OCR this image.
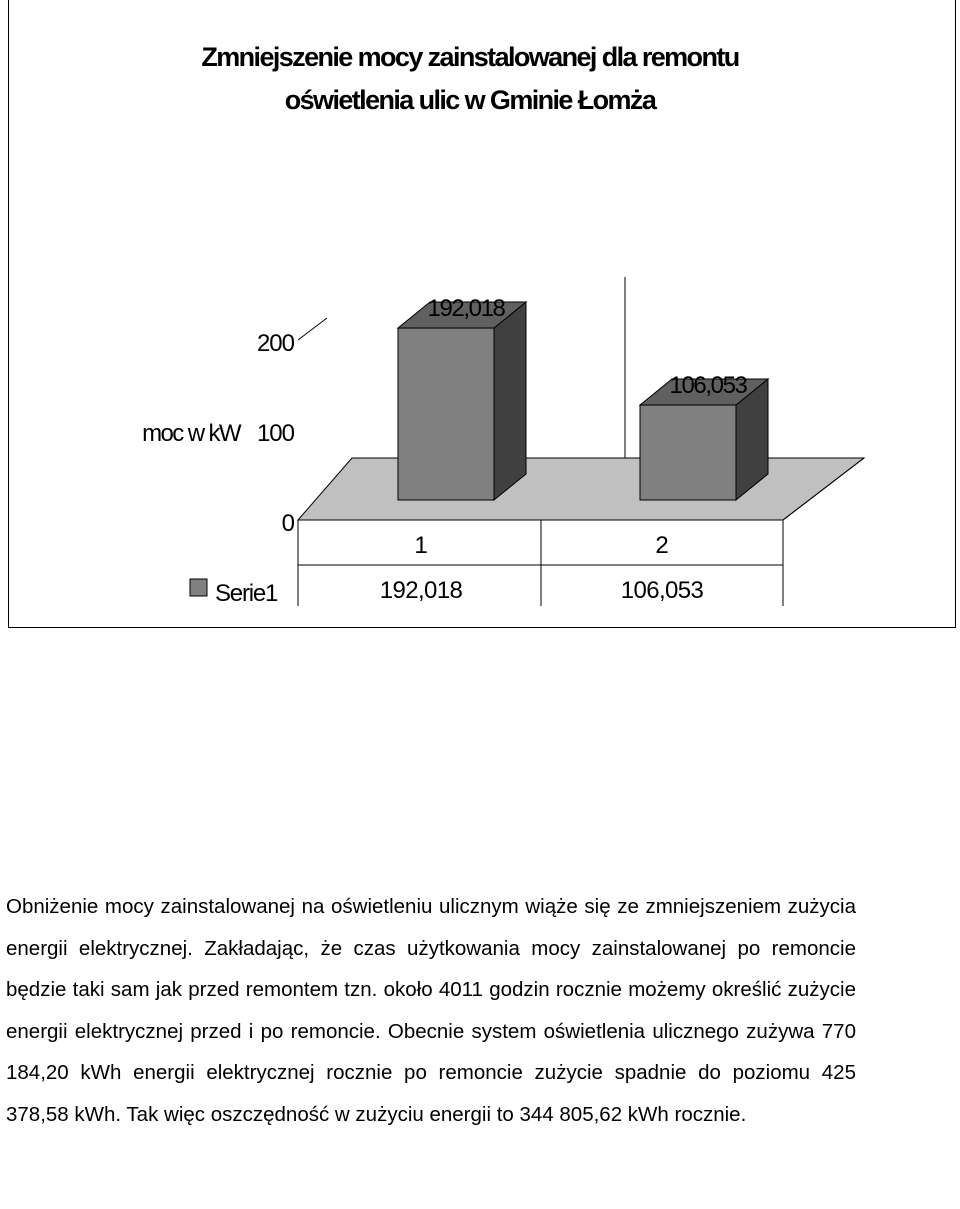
Zmniejszenie mocy zainstalowanej dla remontu
oświetlenia ulic w Gminie Łomża
192,018
106,053
0
100
200
moc w kW
1
192,018
2
106,053
Serie1

Obniżenie mocy zainstalowanej na oświetleniu ulicznym wiąże się ze zmniejszeniem zużycia energii elektrycznej. Zakładając, że czas użytkowania mocy zainstalowanej po remoncie będzie taki sam jak przed remontem tzn. około 4011 godzin rocznie możemy określić zużycie energii elektrycznej przed i po remoncie. Obecnie system oświetlenia ulicznego zużywa 770 184,20 kWh energii elektrycznej rocznie po remoncie zużycie spadnie do poziomu 425 378,58 kWh. Tak więc oszczędność w zużyciu energii to 344 805,62 kWh rocznie.
